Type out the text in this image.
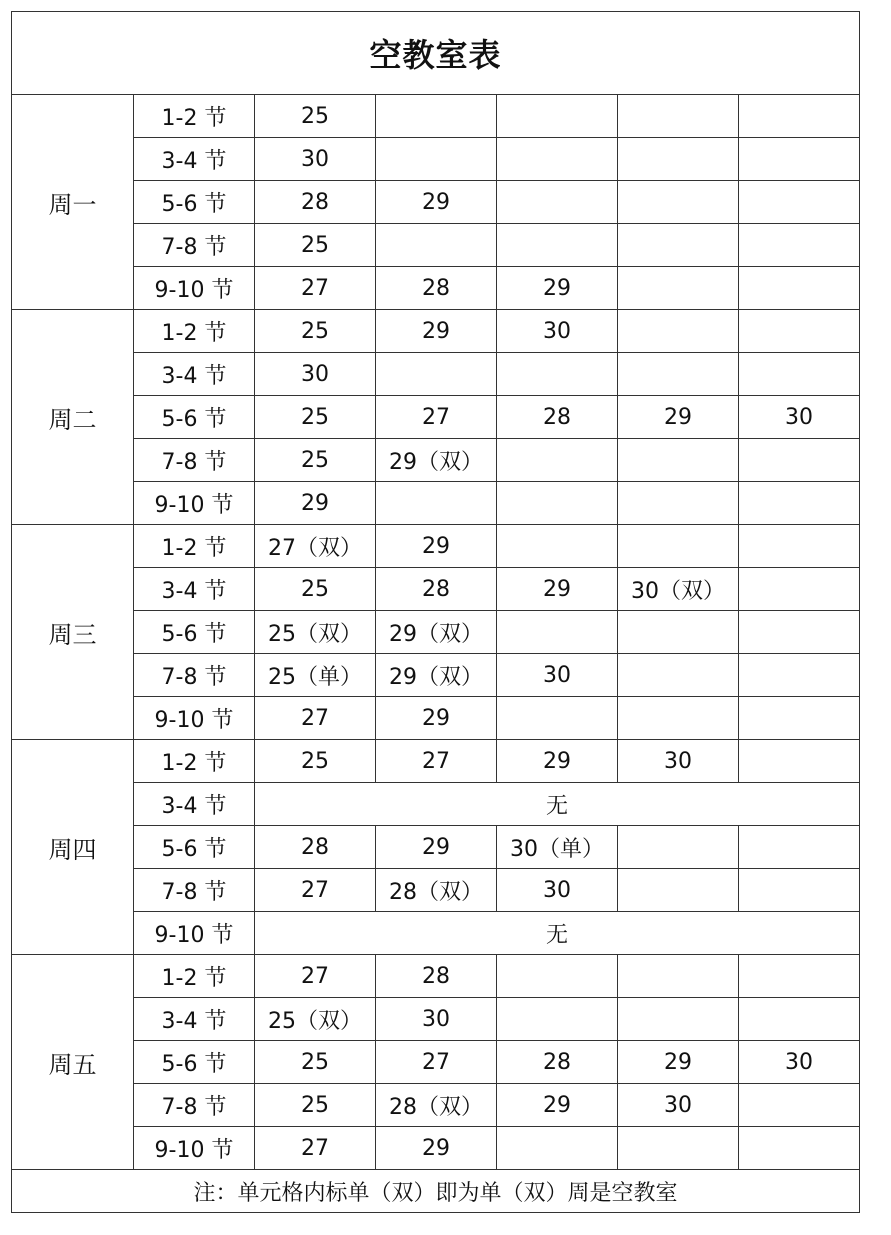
空教室表						
周一	1-2 节	25				
	3-4 节	30				
	5-6 节	28	29			
	7-8 节	25				
	9-10 节	27	28	29		
周二	1-2 节	25	29	30		
	3-4 节	30				
	5-6 节	25	27	28	29	30
	7-8 节	25	29（双）			
	9-10 节	29				
周三	1-2 节	27（双）	29			
	3-4 节	25	28	29	30（双）	
	5-6 节	25（双）	29（双）			
	7-8 节	25（单）	29（双）	30		
	9-10 节	27	29			
周四	1-2 节	25	27	29	30	
	3-4 节	无				
	5-6 节	28	29	30（单）		
	7-8 节	27	28（双）	30		
	9-10 节	无				
周五	1-2 节	27	28			
	3-4 节	25（双）	30			
	5-6 节	25	27	28	29	30
	7-8 节	25	28（双）	29	30	
	9-10 节	27	29			
注：单元格内标单（双）即为单（双）周是空教室						
